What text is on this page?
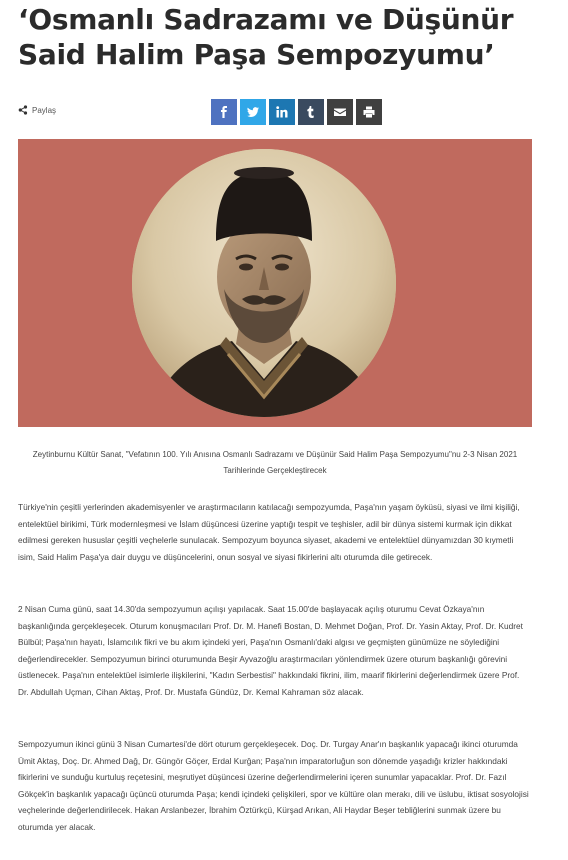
‘Osmanlı Sadrazamı ve Düşünür Said Halim Paşa Sempozyumu’
Paylaş

Zeytinburnu Kültür Sanat, "Vefatının 100. Yılı Anısına Osmanlı Sadrazamı ve Düşünür Said Halim Paşa Sempozyumu"nu 2-3 Nisan 2021 Tarihlerinde Gerçekleştirecek

Türkiye'nin çeşitli yerlerinden akademisyenler ve araştırmacıların katılacağı sempozyumda, Paşa'nın yaşam öyküsü, siyasi ve ilmi kişiliği, entelektüel birikimi, Türk modernleşmesi ve İslam düşüncesi üzerine yaptığı tespit ve teşhisler, adil bir dünya sistemi kurmak için dikkat edilmesi gereken hususlar çeşitli veçhelerle sunulacak. Sempozyum boyunca siyaset, akademi ve entelektüel dünyamızdan 30 kıymetli isim, Said Halim Paşa'ya dair duygu ve düşüncelerini, onun sosyal ve siyasi fikirlerini altı oturumda dile getirecek.

2 Nisan Cuma günü, saat 14.30'da sempozyumun açılışı yapılacak. Saat 15.00'de başlayacak açılış oturumu Cevat Özkaya'nın başkanlığında gerçekleşecek. Oturum konuşmacıları Prof. Dr. M. Hanefi Bostan, D. Mehmet Doğan, Prof. Dr. Yasin Aktay, Prof. Dr. Kudret Bülbül; Paşa'nın hayatı, İslamcılık fikri ve bu akım içindeki yeri, Paşa'nın Osmanlı'daki algısı ve geçmişten günümüze ne söylediğini değerlendirecekler. Sempozyumun birinci oturumunda Beşir Ayvazoğlu araştırmacıları yönlendirmek üzere oturum başkanlığı görevini üstlenecek. Paşa'nın entelektüel isimlerle ilişkilerini, "Kadın Serbestisi" hakkındaki fikrini, ilim, maarif fikirlerini değerlendirmek üzere Prof. Dr. Abdullah Uçman, Cihan Aktaş, Prof. Dr. Mustafa Gündüz, Dr. Kemal Kahraman söz alacak.

Sempozyumun ikinci günü 3 Nisan Cumartesi'de dört oturum gerçekleşecek. Doç. Dr. Turgay Anar'ın başkanlık yapacağı ikinci oturumda Ümit Aktaş, Doç. Dr. Ahmed Dağ, Dr. Güngör Göçer, Erdal Kurğan; Paşa'nın imparatorluğun son dönemde yaşadığı krizler hakkındaki fikirlerini ve sunduğu kurtuluş reçetesini, meşrutiyet düşüncesi üzerine değerlendirmelerini içeren sunumlar yapacaklar. Prof. Dr. Fazıl Gökçek'in başkanlık yapacağı üçüncü oturumda Paşa; kendi içindeki çelişkileri, spor ve kültüre olan merakı, dili ve üslubu, iktisat sosyolojisi veçhelerinde değerlendirilecek. Hakan Arslanbezer, İbrahim Öztürkçü, Kürşad Arıkan, Ali Haydar Beşer tebliğlerini sunmak üzere bu oturumda yer alacak.
